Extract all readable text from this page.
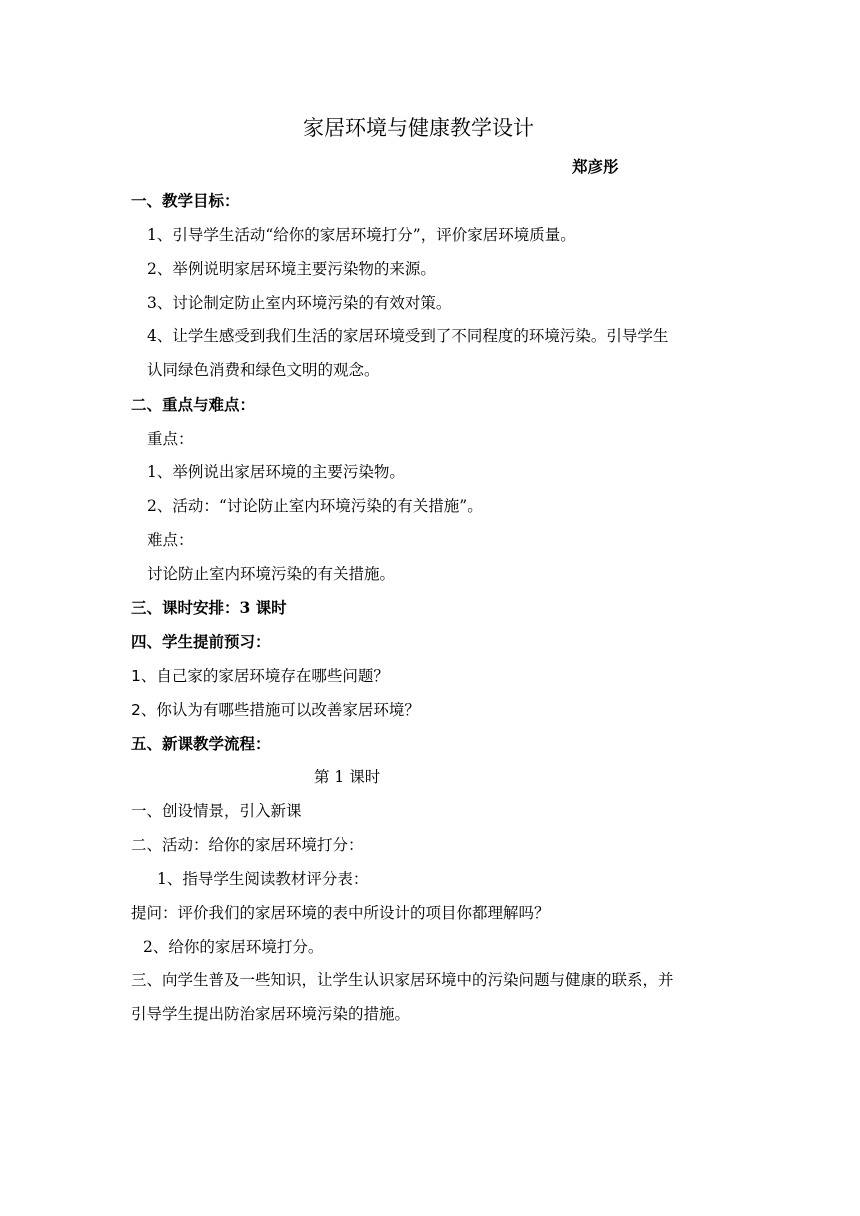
家居环境与健康教学设计
郑彦彤
一、教学目标：
1、引导学生活动“给你的家居环境打分”，评价家居环境质量。
2、举例说明家居环境主要污染物的来源。
3、讨论制定防止室内环境污染的有效对策。
4、让学生感受到我们生活的家居环境受到了不同程度的环境污染。引导学生
认同绿色消费和绿色文明的观念。
二、重点与难点：
重点：
1、举例说出家居环境的主要污染物。
2、活动：“讨论防止室内环境污染的有关措施”。
难点：
讨论防止室内环境污染的有关措施。
三、课时安排：3 课时
四、学生提前预习：
1、自己家的家居环境存在哪些问题？
2、你认为有哪些措施可以改善家居环境？
五、新课教学流程：
第 1 课时
一、创设情景，引入新课
二、活动：给你的家居环境打分：
1、指导学生阅读教材评分表：
提问：评价我们的家居环境的表中所设计的项目你都理解吗？
2、给你的家居环境打分。
三、向学生普及一些知识，让学生认识家居环境中的污染问题与健康的联系，并
引导学生提出防治家居环境污染的措施。
